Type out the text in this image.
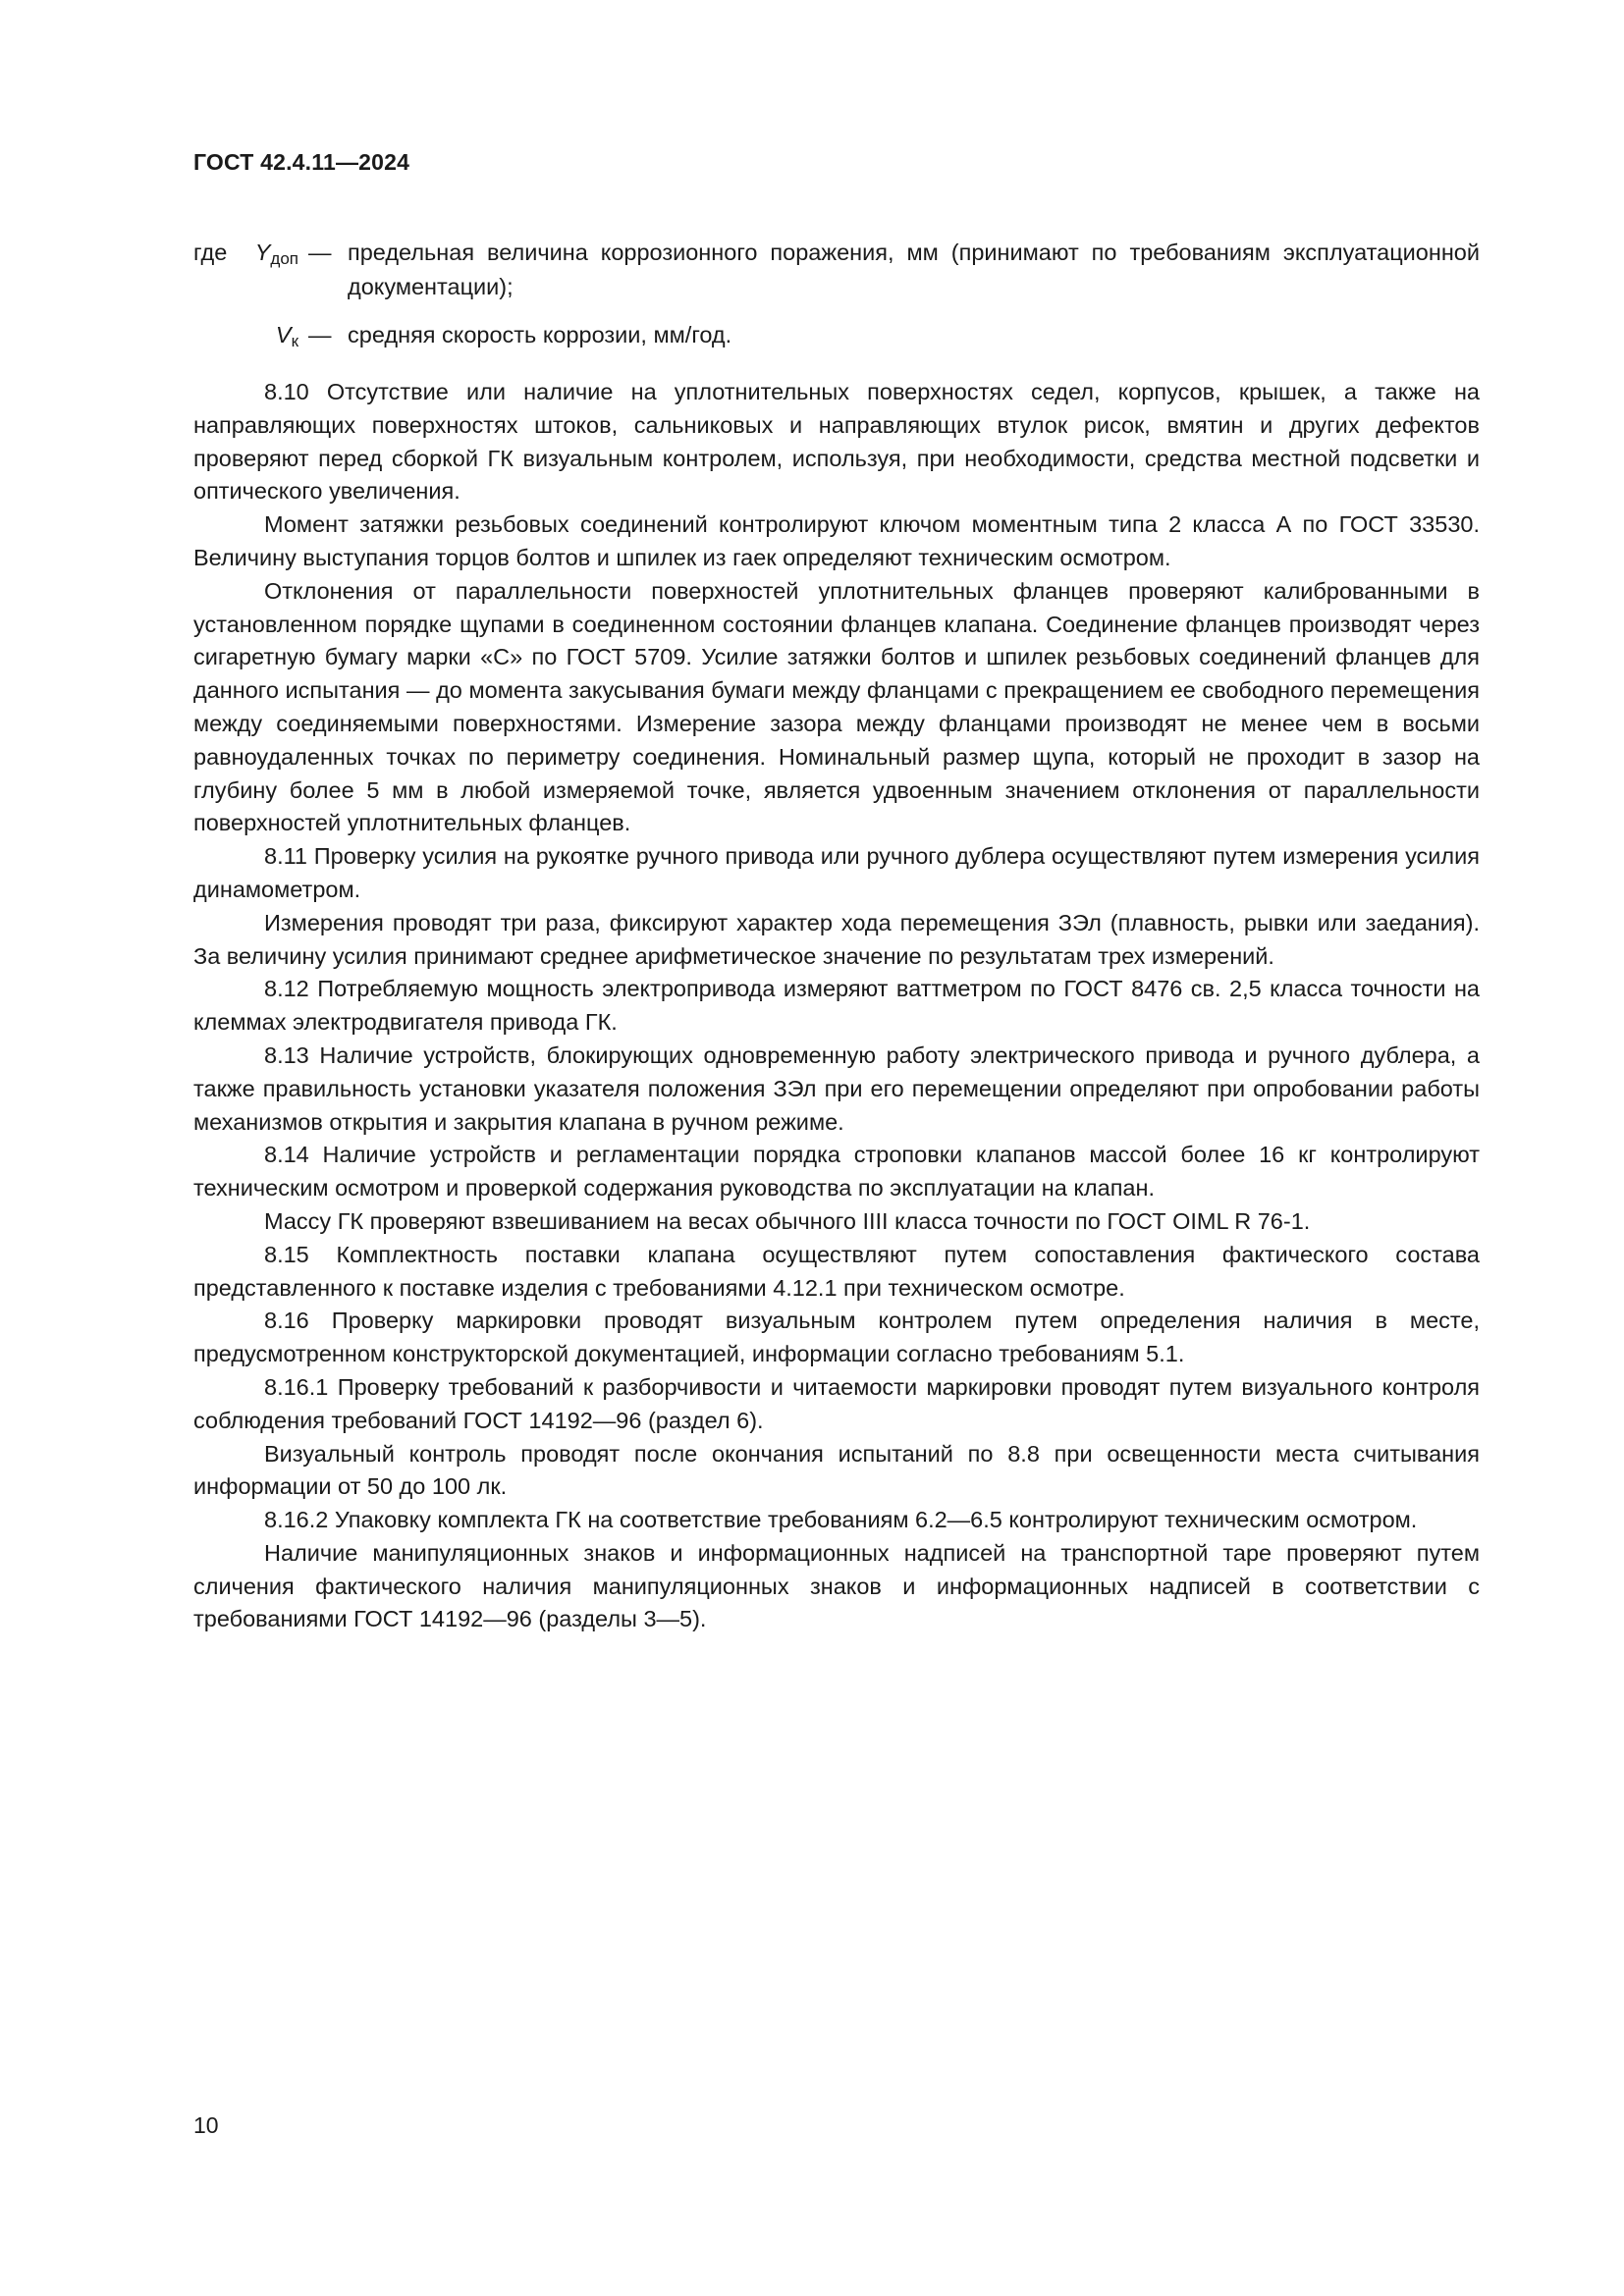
ГОСТ 42.4.11—2024
где $Y_{доп}$ — предельная величина коррозионного поражения, мм (принимают по требованиям эксплуатационной документации);
$V_к$ — средняя скорость коррозии, мм/год.

8.10 Отсутствие или наличие на уплотнительных поверхностях седел, корпусов, крышек, а также на направляющих поверхностях штоков, сальниковых и направляющих втулок рисок, вмятин и других дефектов проверяют перед сборкой ГК визуальным контролем, используя, при необходимости, средства местной подсветки и оптического увеличения.

Момент затяжки резьбовых соединений контролируют ключом моментным типа 2 класса А по ГОСТ 33530. Величину выступания торцов болтов и шпилек из гаек определяют техническим осмотром.

Отклонения от параллельности поверхностей уплотнительных фланцев проверяют калиброванными в установленном порядке щупами в соединенном состоянии фланцев клапана. Соединение фланцев производят через сигаретную бумагу марки «С» по ГОСТ 5709. Усилие затяжки болтов и шпилек резьбовых соединений фланцев для данного испытания — до момента закусывания бумаги между фланцами с прекращением ее свободного перемещения между соединяемыми поверхностями. Измерение зазора между фланцами производят не менее чем в восьми равноудаленных точках по периметру соединения. Номинальный размер щупа, который не проходит в зазор на глубину более 5 мм в любой измеряемой точке, является удвоенным значением отклонения от параллельности поверхностей уплотнительных фланцев.

8.11 Проверку усилия на рукоятке ручного привода или ручного дублера осуществляют путем измерения усилия динамометром.

Измерения проводят три раза, фиксируют характер хода перемещения ЗЭл (плавность, рывки или заедания). За величину усилия принимают среднее арифметическое значение по результатам трех измерений.

8.12 Потребляемую мощность электропривода измеряют ваттметром по ГОСТ 8476 св. 2,5 класса точности на клеммах электродвигателя привода ГК.

8.13 Наличие устройств, блокирующих одновременную работу электрического привода и ручного дублера, а также правильность установки указателя положения ЗЭл при его перемещении определяют при опробовании работы механизмов открытия и закрытия клапана в ручном режиме.

8.14 Наличие устройств и регламентации порядка строповки клапанов массой более 16 кг контролируют техническим осмотром и проверкой содержания руководства по эксплуатации на клапан.

Массу ГК проверяют взвешиванием на весах обычного IIII класса точности по ГОСТ OIML R 76-1.

8.15 Комплектность поставки клапана осуществляют путем сопоставления фактического состава представленного к поставке изделия с требованиями 4.12.1 при техническом осмотре.

8.16 Проверку маркировки проводят визуальным контролем путем определения наличия в месте, предусмотренном конструкторской документацией, информации согласно требованиям 5.1.

8.16.1 Проверку требований к разборчивости и читаемости маркировки проводят путем визуального контроля соблюдения требований ГОСТ 14192—96 (раздел 6).

Визуальный контроль проводят после окончания испытаний по 8.8 при освещенности места считывания информации от 50 до 100 лк.

8.16.2 Упаковку комплекта ГК на соответствие требованиям 6.2—6.5 контролируют техническим осмотром.

Наличие манипуляционных знаков и информационных надписей на транспортной таре проверяют путем сличения фактического наличия манипуляционных знаков и информационных надписей в соответствии с требованиями ГОСТ 14192—96 (разделы 3—5).

10
